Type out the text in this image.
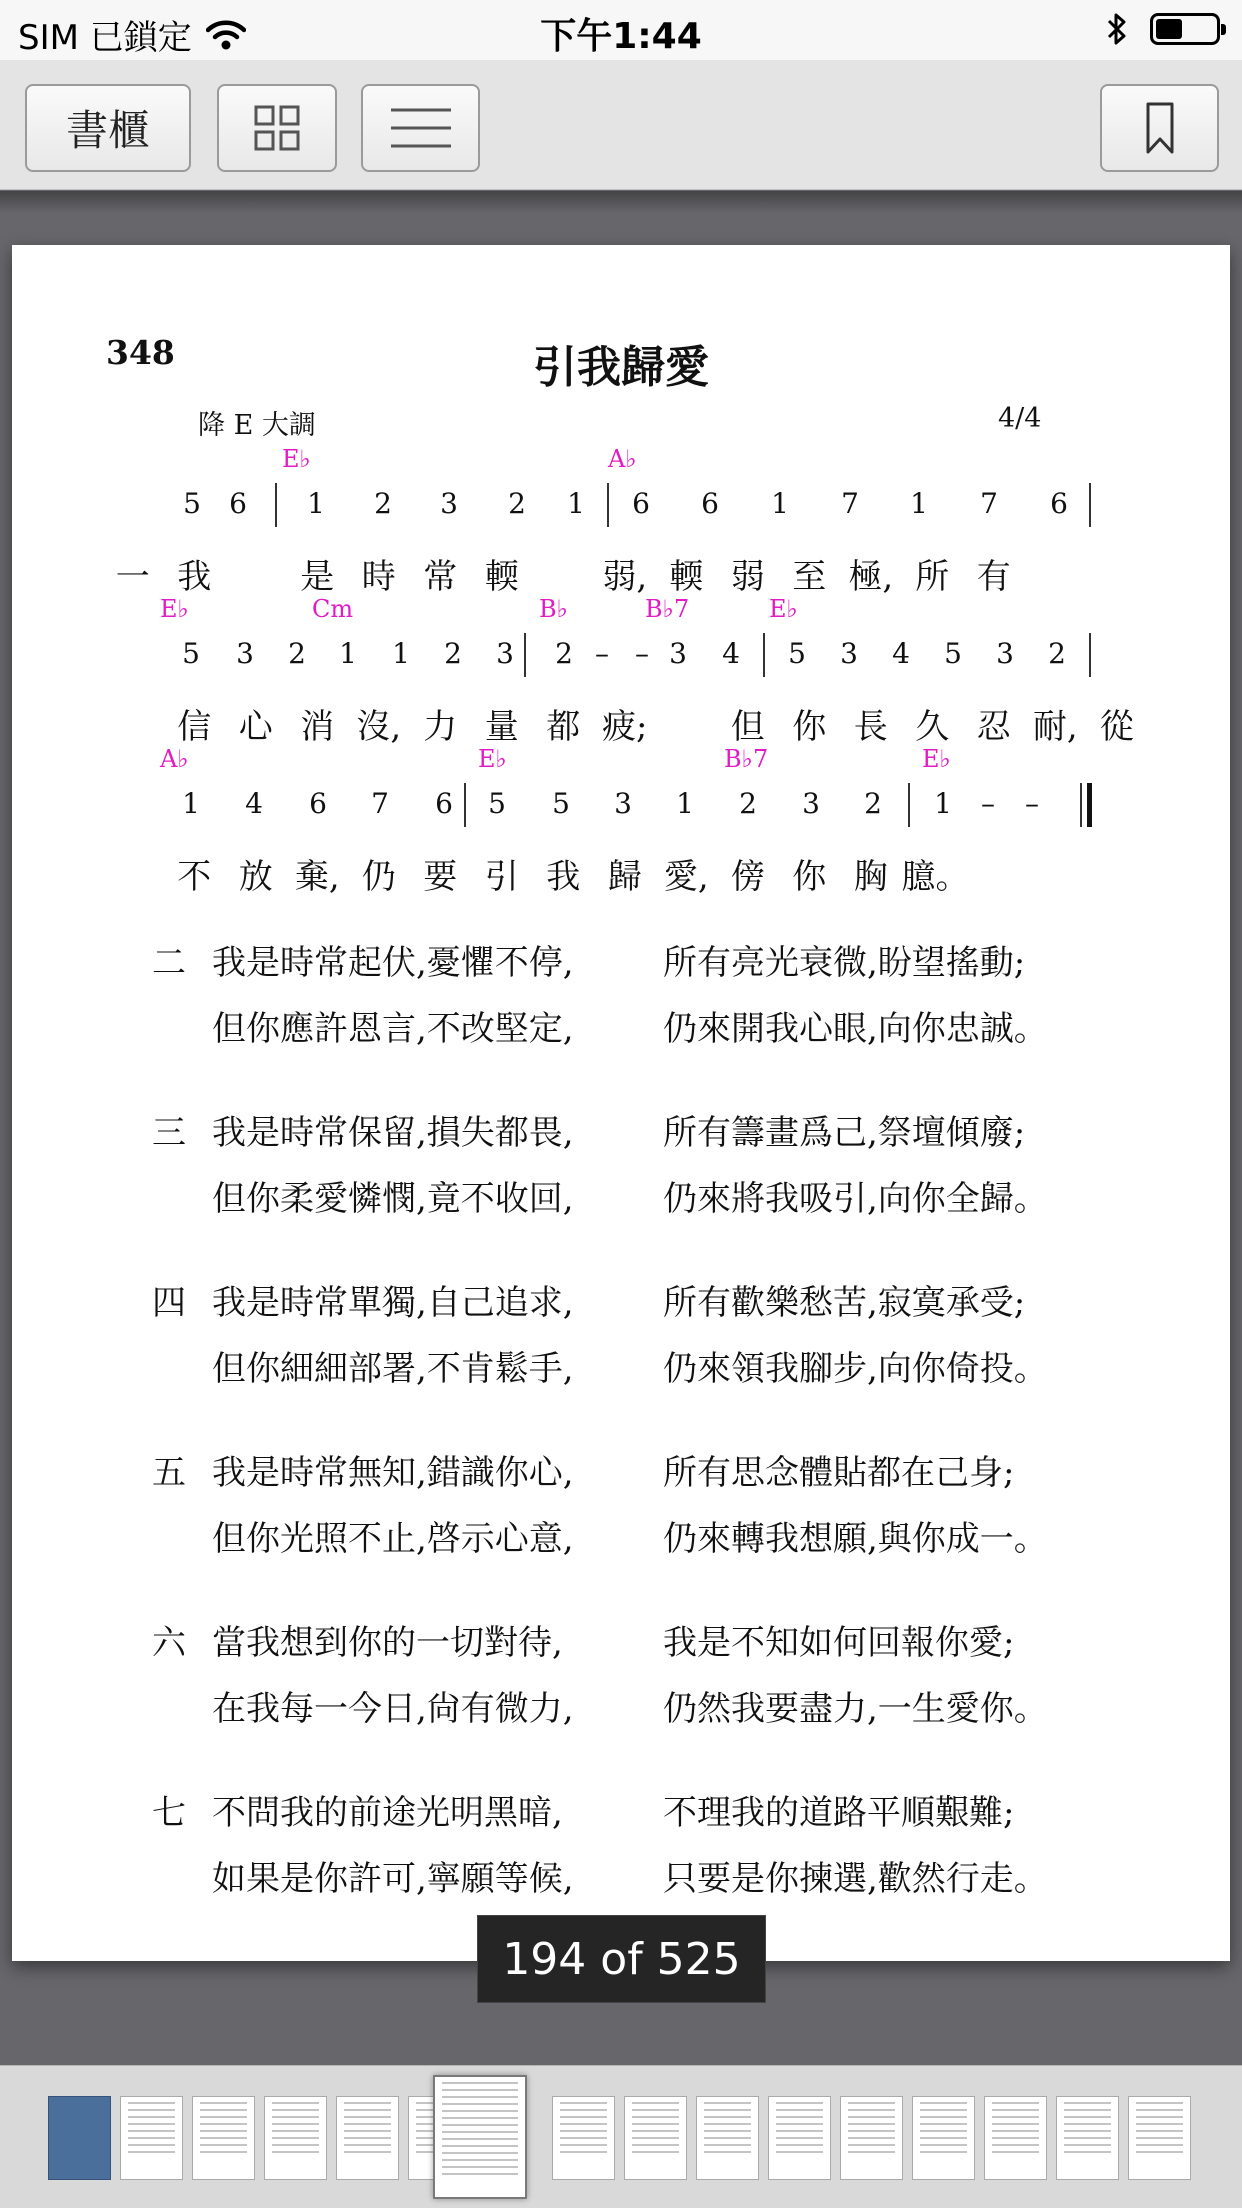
SIM 已鎖定	下午1:44
書櫃
348	引我歸愛
降 E 大調	4/4
E♭	A♭
5 6 1 2 3 2 1 6 6 1 7 1 7 6
一 我	是 時 常 輭 弱, 輭 弱 至 極, 所 有
E♭	Cm	B♭	B♭7	E♭
5 3 2 1 1 2 3 2 – – 3 4 5 3 4 5 3 2
信 心 消 沒, 力 量 都 疲; 但 你 長 久 忍 耐, 從
A♭	E♭	B♭7	E♭
1 4 6 7 6 5 5 3 1 2 3 2 1 – –
不 放 棄, 仍 要 引 我 歸 愛, 傍 你 胸 臆。
二 我是時常起伏,憂懼不停,	所有亮光衰微,盼望搖動;
但你應許恩言,不改堅定,	仍來開我心眼,向你忠誠。
三 我是時常保留,損失都畏,	所有籌畫爲己,祭壇傾廢;
但你柔愛憐憫,竟不收回,	仍來將我吸引,向你全歸。
四 我是時常單獨,自己追求,	所有歡樂愁苦,寂寞承受;
但你細細部署,不肯鬆手,	仍來領我腳步,向你倚投。
五 我是時常無知,錯識你心,	所有思念體貼都在己身;
但你光照不止,啓示心意,	仍來轉我想願,與你成一。
六 當我想到你的一切對待,	我是不知如何回報你愛;
在我每一今日,尙有微力,	仍然我要盡力,一生愛你。
七 不問我的前途光明黑暗,	不理我的道路平順艱難;
如果是你許可,寧願等候,	只要是你揀選,歡然行走。
194 of 525
